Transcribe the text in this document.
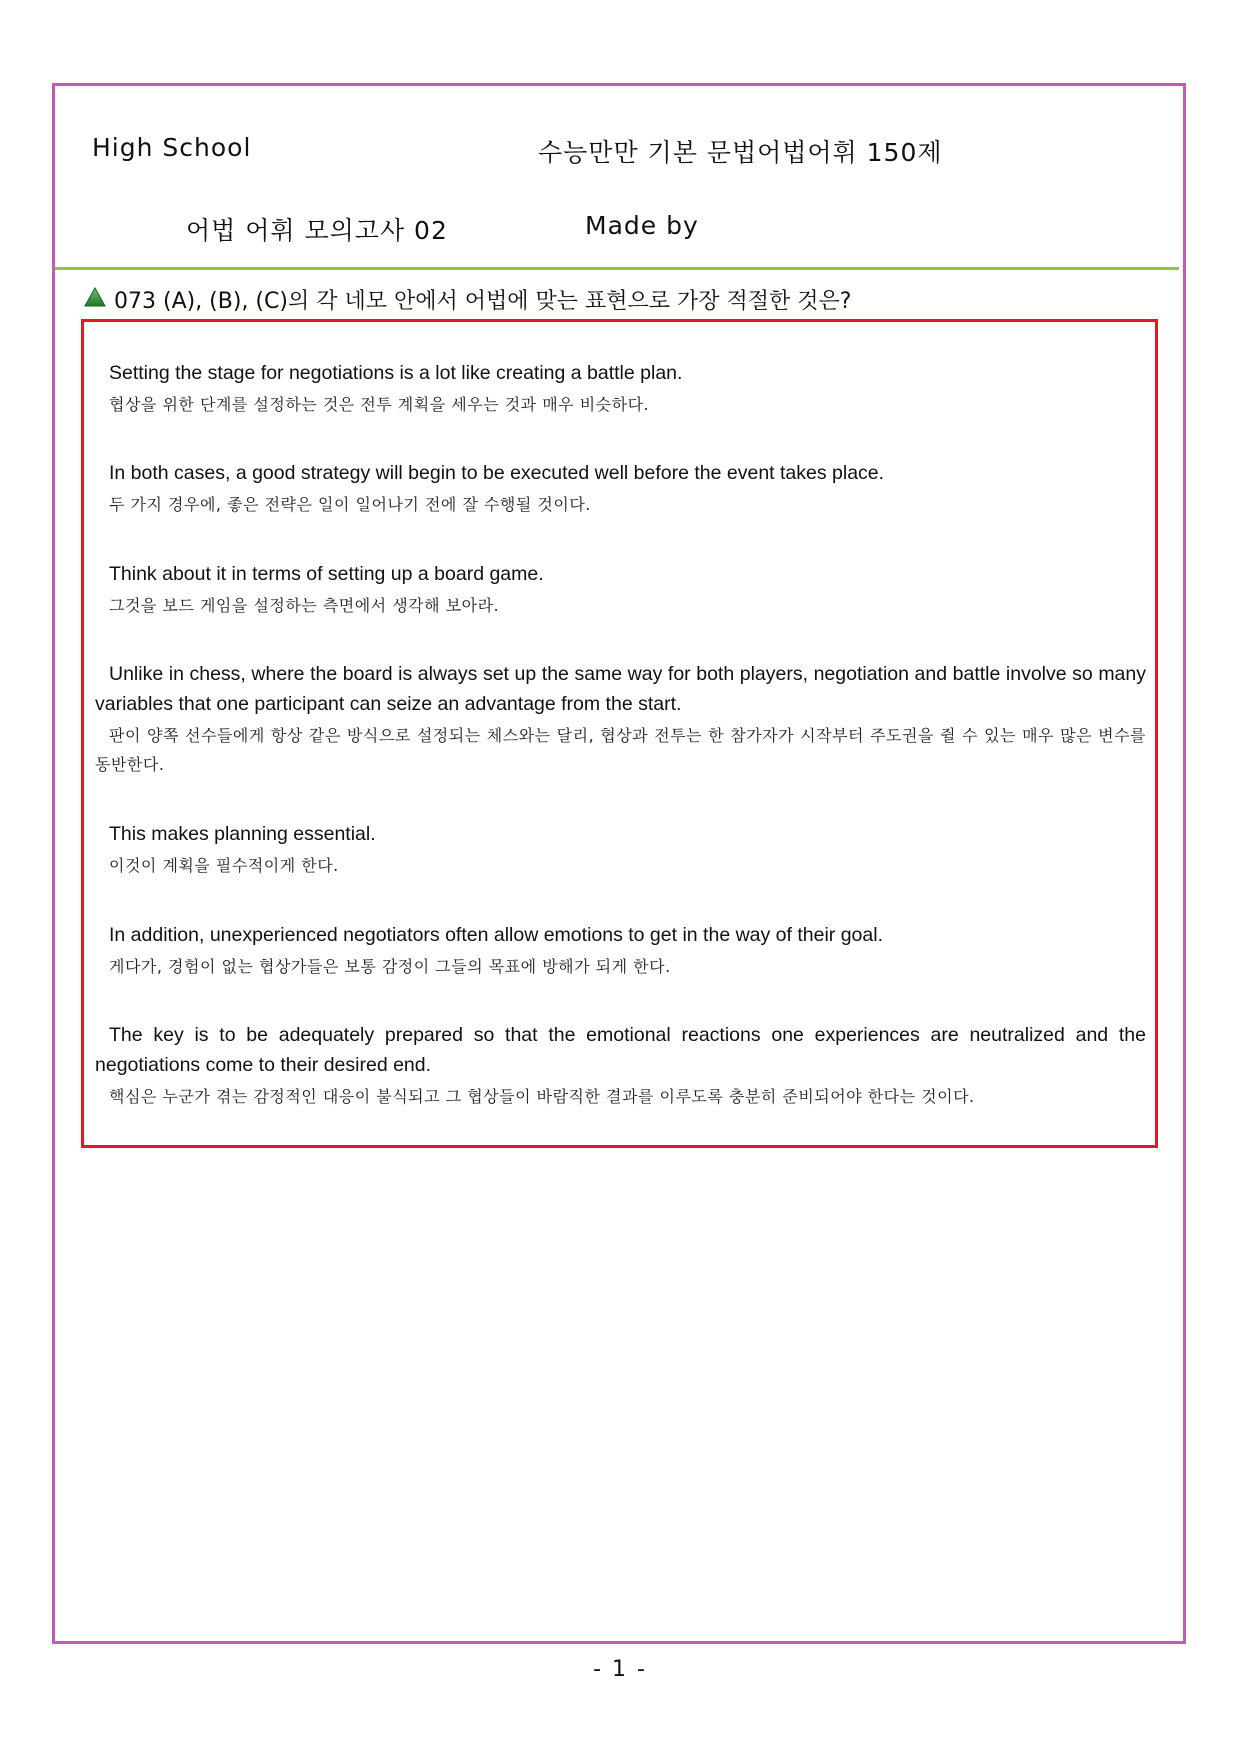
High School	수능만만 기본 문법어법어휘 150제
어법 어휘 모의고사 02	Made by
073 (A), (B), (C)의 각 네모 안에서 어법에 맞는 표현으로 가장 적절한 것은?

Setting the stage for negotiations is a lot like creating a battle plan.

협상을 위한 단계를 설정하는 것은 전투 계획을 세우는 것과 매우 비슷하다.

In both cases, a good strategy will begin to be executed well before the event takes place.

두 가지 경우에, 좋은 전략은 일이 일어나기 전에 잘 수행될 것이다.

Think about it in terms of setting up a board game.

그것을 보드 게임을 설정하는 측면에서 생각해 보아라.

Unlike in chess, where the board is always set up the same way for both players, negotiation and battle involve so many variables that one participant can seize an advantage from the start.

판이 양쪽 선수들에게 항상 같은 방식으로 설정되는 체스와는 달리, 협상과 전투는 한 참가자가 시작부터 주도권을 쥘 수 있는 매우 많은 변수를 동반한다.

This makes planning essential.

이것이 계획을 필수적이게 한다.

In addition, unexperienced negotiators often allow emotions to get in the way of their goal.

게다가, 경험이 없는 협상가들은 보통 감정이 그들의 목표에 방해가 되게 한다.

The key is to be adequately prepared so that the emotional reactions one experiences are neutralized and the negotiations come to their desired end.

핵심은 누군가 겪는 감정적인 대응이 불식되고 그 협상들이 바람직한 결과를 이루도록 충분히 준비되어야 한다는 것이다.

- 1 -
